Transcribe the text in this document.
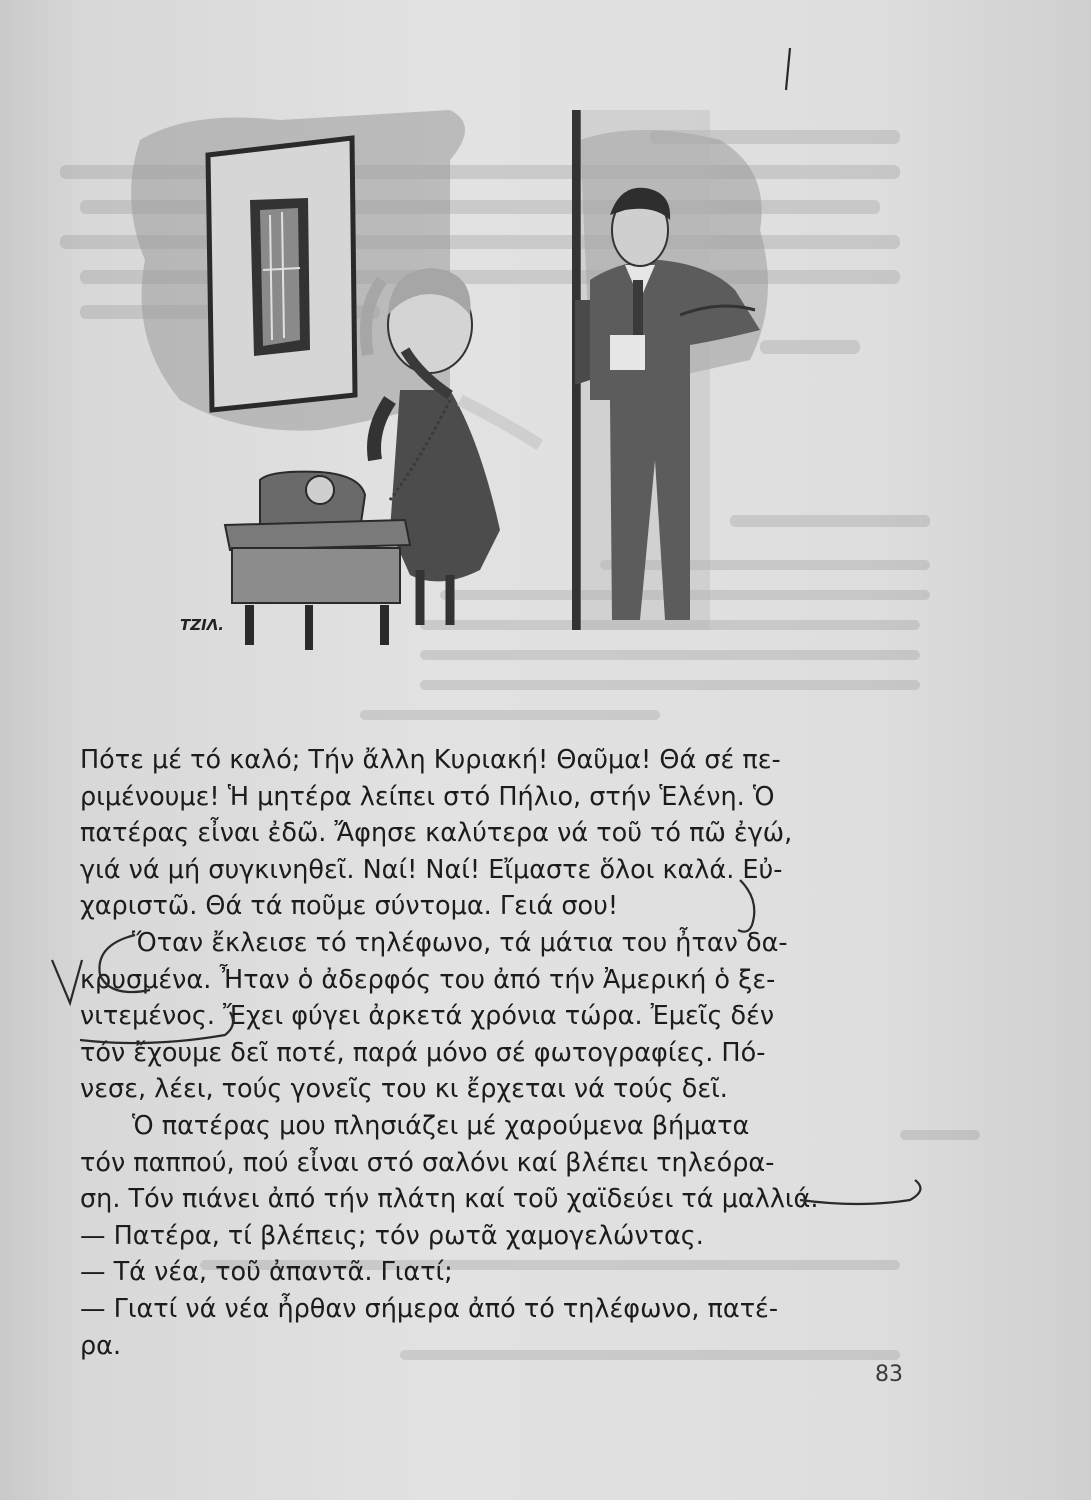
ΤΖΙΛ.
Πότε μέ τό καλό; Τήν ἄλλη Κυριακή! Θαῦμα! Θά σέ πε-
ριμένουμε! Ἡ μητέρα λείπει στό Πήλιο, στήν Ἑλένη. Ὁ
πατέρας εἶναι ἐδῶ. Ἄφησε καλύτερα νά τοῦ τό πῶ ἐγώ,
γιά νά μή συγκινηθεῖ. Ναί! Ναί! Εἴμαστε ὅλοι καλά. Εὐ-
χαριστῶ. Θά τά ποῦμε σύντομα. Γειά σου!
Ὅταν ἔκλεισε τό τηλέφωνο, τά μάτια του ἦταν δα-
κρυσμένα. Ἦταν ὁ ἀδερφός του ἀπό τήν Ἀμερική ὁ ξε-
νιτεμένος. Ἔχει φύγει ἀρκετά χρόνια τώρα. Ἐμεῖς δέν
τόν ἔχουμε δεῖ ποτέ, παρά μόνο σέ φωτογραφίες. Πό-
νεσε, λέει, τούς γονεῖς του κι ἔρχεται νά τούς δεῖ.
Ὁ πατέρας μου πλησιάζει μέ χαρούμενα βήματα
τόν παππού, πού εἶναι στό σαλόνι καί βλέπει τηλεόρα-
ση. Τόν πιάνει ἀπό τήν πλάτη καί τοῦ χαϊδεύει τά μαλλιά.
— Πατέρα, τί βλέπεις; τόν ρωτᾶ χαμογελώντας.
— Τά νέα, τοῦ ἀπαντᾶ. Γιατί;
— Γιατί νά νέα ἦρθαν σήμερα ἀπό τό τηλέφωνο, πατέ-
ρα.
83
